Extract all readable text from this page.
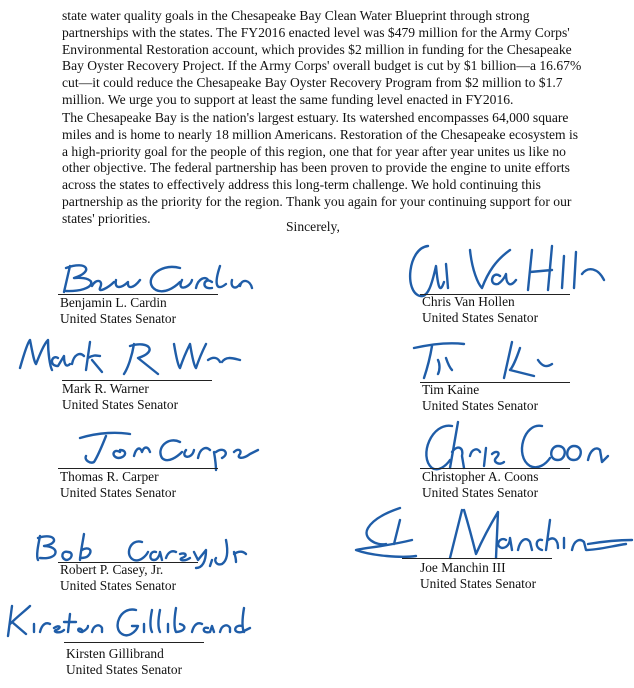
state water quality goals in the Chesapeake Bay Clean Water Blueprint through strong partnerships with the states. The FY2016 enacted level was $479 million for the Army Corps' Environmental Restoration account, which provides $2 million in funding for the Chesapeake Bay Oyster Recovery Project. If the Army Corps' overall budget is cut by $1 billion—a 16.67% cut—it could reduce the Chesapeake Bay Oyster Recovery Program from $2 million to $1.7 million. We urge you to support at least the same funding level enacted in FY2016.

The Chesapeake Bay is the nation's largest estuary. Its watershed encompasses 64,000 square miles and is home to nearly 18 million Americans. Restoration of the Chesapeake ecosystem is a high-priority goal for the people of this region, one that for year after year unites us like no other objective. The federal partnership has been proven to provide the engine to unite efforts across the states to effectively address this long-term challenge. We hold continuing this partnership as the priority for the region. Thank you again for your continuing support for our states' priorities.

Sincerely,
Benjamin L. Cardin
United States Senator
Chris Van Hollen
United States Senator
Mark R. Warner
United States Senator
Tim Kaine
United States Senator
Thomas R. Carper
United States Senator
Christopher A. Coons
United States Senator
Robert P. Casey, Jr.
United States Senator
Joe Manchin III
United States Senator
Kirsten Gillibrand
United States Senator
